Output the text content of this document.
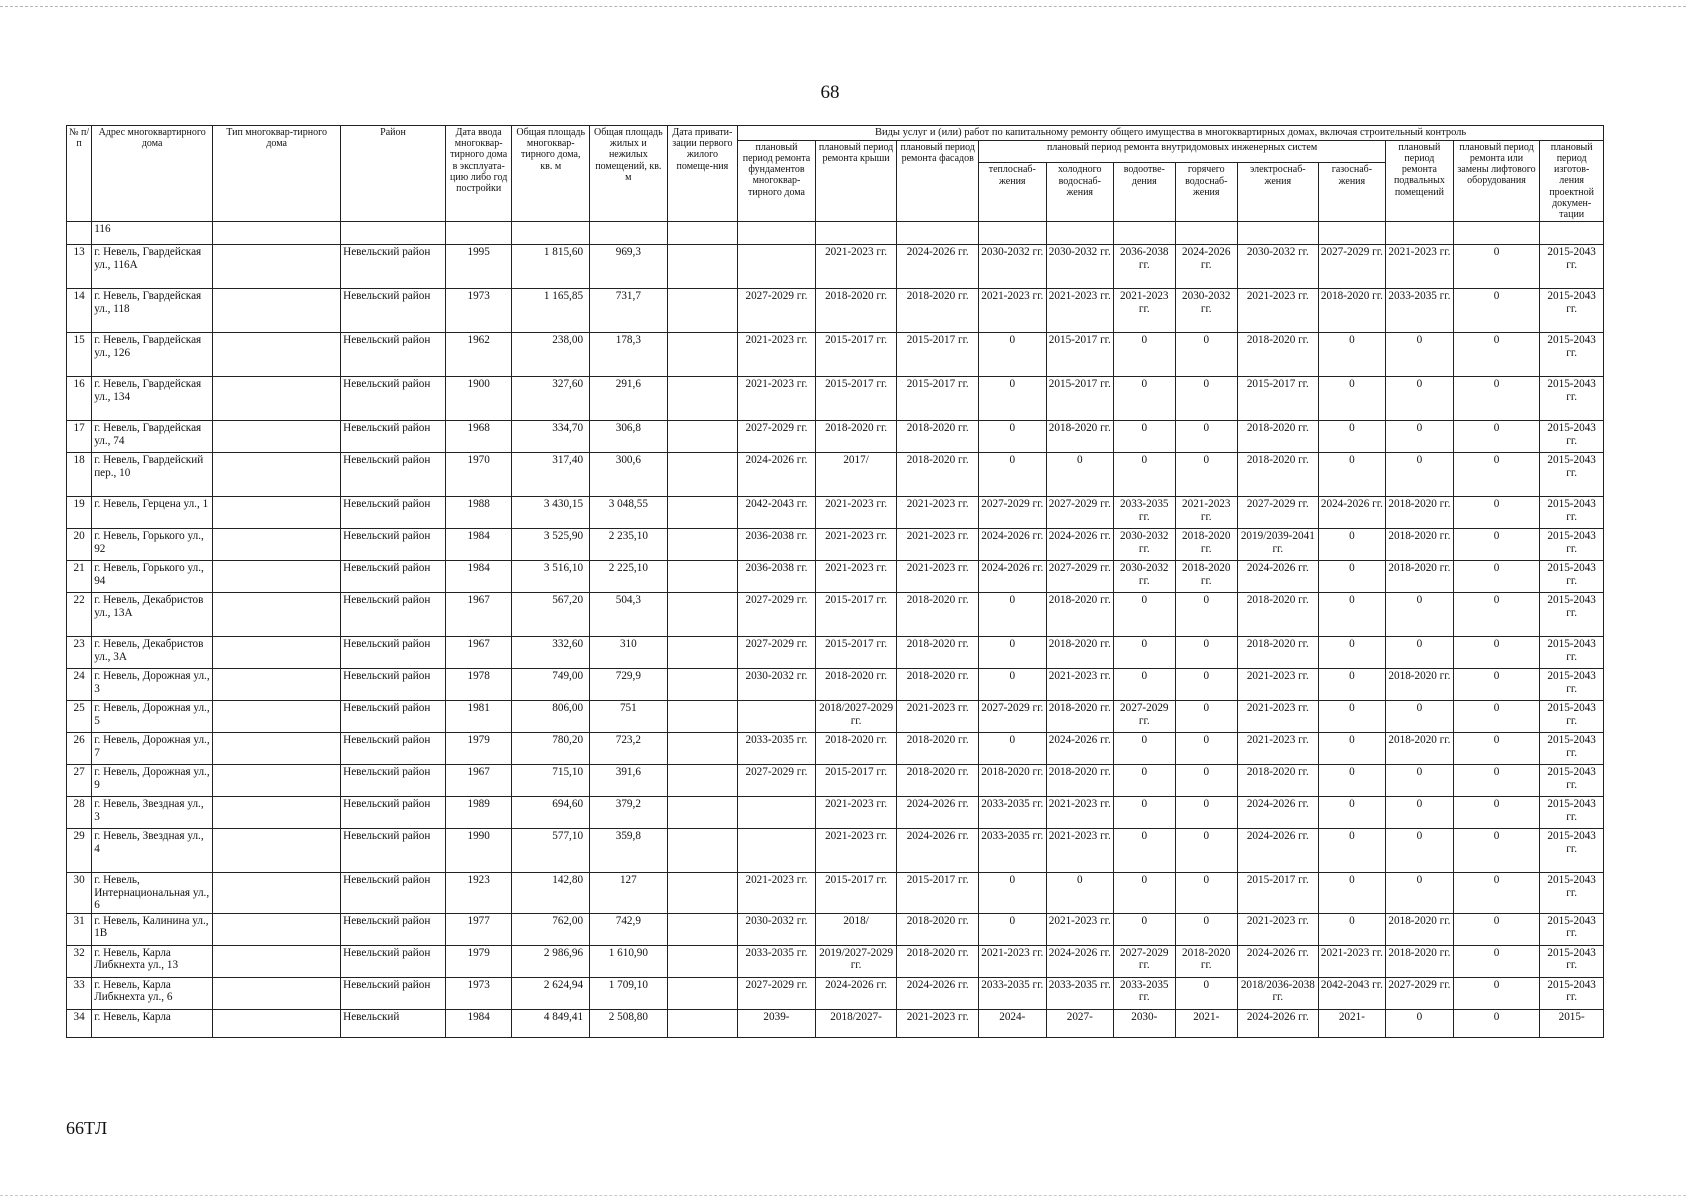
68
№ п/п	Адрес многоквартирного дома	Тип многоквар-тирного дома	Район	Дата ввода многоквар-тирного дома в эксплуата-цию либо год постройки	Общая площадь многоквар-тирного дома, кв. м	Общая площадь жилых и нежилых помещений, кв. м	Дата привати-зации первого жилого помеще-ния	Виды услуг и (или) работ по капитальному ремонту общего имущества в многоквартирных домах, включая строительный контроль											
								плановый период ремонта фундаментов многоквар-тирного дома	плановый период ремонта крыши	плановый период ремонта фасадов	плановый период ремонта внутридомовых инженерных систем						плановый период ремонта подвальных помещений	плановый период ремонта или замены лифтового оборудования	плановый период изготов-ления проектной докумен-тации
											теплоснаб-жения	холодного водоснаб-жения	водоотве-дения	горячего водоснаб-жения	электроснаб-жения	газоснаб-жения			
	116																		
13	г. Невель, Гвардейская ул., 116А		Невельский район	1995	1 815,60	969,3			2021-2023 гг.	2024-2026 гг.	2030-2032 гг.	2030-2032 гг.	2036-2038 гг.	2024-2026 гг.	2030-2032 гг.	2027-2029 гг.	2021-2023 гг.	0	2015-2043 гг.
14	г. Невель, Гвардейская ул., 118		Невельский район	1973	1 165,85	731,7		2027-2029 гг.	2018-2020 гг.	2018-2020 гг.	2021-2023 гг.	2021-2023 гг.	2021-2023 гг.	2030-2032 гг.	2021-2023 гг.	2018-2020 гг.	2033-2035 гг.	0	2015-2043 гг.
15	г. Невель, Гвардейская ул., 126		Невельский район	1962	238,00	178,3		2021-2023 гг.	2015-2017 гг.	2015-2017 гг.	0	2015-2017 гг.	0	0	2018-2020 гг.	0	0	0	2015-2043 гг.
16	г. Невель, Гвардейская ул., 134		Невельский район	1900	327,60	291,6		2021-2023 гг.	2015-2017 гг.	2015-2017 гг.	0	2015-2017 гг.	0	0	2015-2017 гг.	0	0	0	2015-2043 гг.
17	г. Невель, Гвардейская ул., 74		Невельский район	1968	334,70	306,8		2027-2029 гг.	2018-2020 гг.	2018-2020 гг.	0	2018-2020 гг.	0	0	2018-2020 гг.	0	0	0	2015-2043 гг.
18	г. Невель, Гвардейский пер., 10		Невельский район	1970	317,40	300,6		2024-2026 гг.	2017/	2018-2020 гг.	0	0	0	0	2018-2020 гг.	0	0	0	2015-2043 гг.
19	г. Невель, Герцена ул., 1		Невельский район	1988	3 430,15	3 048,55		2042-2043 гг.	2021-2023 гг.	2021-2023 гг.	2027-2029 гг.	2027-2029 гг.	2033-2035 гг.	2021-2023 гг.	2027-2029 гг.	2024-2026 гг.	2018-2020 гг.	0	2015-2043 гг.
20	г. Невель, Горького ул., 92		Невельский район	1984	3 525,90	2 235,10		2036-2038 гг.	2021-2023 гг.	2021-2023 гг.	2024-2026 гг.	2024-2026 гг.	2030-2032 гг.	2018-2020 гг.	2019/2039-2041 гг.	0	2018-2020 гг.	0	2015-2043 гг.
21	г. Невель, Горького ул., 94		Невельский район	1984	3 516,10	2 225,10		2036-2038 гг.	2021-2023 гг.	2021-2023 гг.	2024-2026 гг.	2027-2029 гг.	2030-2032 гг.	2018-2020 гг.	2024-2026 гг.	0	2018-2020 гг.	0	2015-2043 гг.
22	г. Невель, Декабристов ул., 13А		Невельский район	1967	567,20	504,3		2027-2029 гг.	2015-2017 гг.	2018-2020 гг.	0	2018-2020 гг.	0	0	2018-2020 гг.	0	0	0	2015-2043 гг.
23	г. Невель, Декабристов ул., 3А		Невельский район	1967	332,60	310		2027-2029 гг.	2015-2017 гг.	2018-2020 гг.	0	2018-2020 гг.	0	0	2018-2020 гг.	0	0	0	2015-2043 гг.
24	г. Невель, Дорожная ул., 3		Невельский район	1978	749,00	729,9		2030-2032 гг.	2018-2020 гг.	2018-2020 гг.	0	2021-2023 гг.	0	0	2021-2023 гг.	0	2018-2020 гг.	0	2015-2043 гг.
25	г. Невель, Дорожная ул., 5		Невельский район	1981	806,00	751			2018/2027-2029 гг.	2021-2023 гг.	2027-2029 гг.	2018-2020 гг.	2027-2029 гг.	0	2021-2023 гг.	0	0	0	2015-2043 гг.
26	г. Невель, Дорожная ул., 7		Невельский район	1979	780,20	723,2		2033-2035 гг.	2018-2020 гг.	2018-2020 гг.	0	2024-2026 гг.	0	0	2021-2023 гг.	0	2018-2020 гг.	0	2015-2043 гг.
27	г. Невель, Дорожная ул., 9		Невельский район	1967	715,10	391,6		2027-2029 гг.	2015-2017 гг.	2018-2020 гг.	2018-2020 гг.	2018-2020 гг.	0	0	2018-2020 гг.	0	0	0	2015-2043 гг.
28	г. Невель, Звездная ул., 3		Невельский район	1989	694,60	379,2			2021-2023 гг.	2024-2026 гг.	2033-2035 гг.	2021-2023 гг.	0	0	2024-2026 гг.	0	0	0	2015-2043 гг.
29	г. Невель, Звездная ул., 4		Невельский район	1990	577,10	359,8			2021-2023 гг.	2024-2026 гг.	2033-2035 гг.	2021-2023 гг.	0	0	2024-2026 гг.	0	0	0	2015-2043 гг.
30	г. Невель, Интернациональная ул., 6		Невельский район	1923	142,80	127		2021-2023 гг.	2015-2017 гг.	2015-2017 гг.	0	0	0	0	2015-2017 гг.	0	0	0	2015-2043 гг.
31	г. Невель, Калинина ул., 1В		Невельский район	1977	762,00	742,9		2030-2032 гг.	2018/	2018-2020 гг.	0	2021-2023 гг.	0	0	2021-2023 гг.	0	2018-2020 гг.	0	2015-2043 гг.
32	г. Невель, Карла Либкнехта ул., 13		Невельский район	1979	2 986,96	1 610,90		2033-2035 гг.	2019/2027-2029 гг.	2018-2020 гг.	2021-2023 гг.	2024-2026 гг.	2027-2029 гг.	2018-2020 гг.	2024-2026 гг.	2021-2023 гг.	2018-2020 гг.	0	2015-2043 гг.
33	г. Невель, Карла Либкнехта ул., 6		Невельский район	1973	2 624,94	1 709,10		2027-2029 гг.	2024-2026 гг.	2024-2026 гг.	2033-2035 гг.	2033-2035 гг.	2033-2035 гг.	0	2018/2036-2038 гг.	2042-2043 гг.	2027-2029 гг.	0	2015-2043 гг.
34	г. Невель, Карла		Невельский	1984	4 849,41	2 508,80		2039-	2018/2027-	2021-2023 гг.	2024-	2027-	2030-	2021-	2024-2026 гг.	2021-	0	0	2015-
66TЛ
